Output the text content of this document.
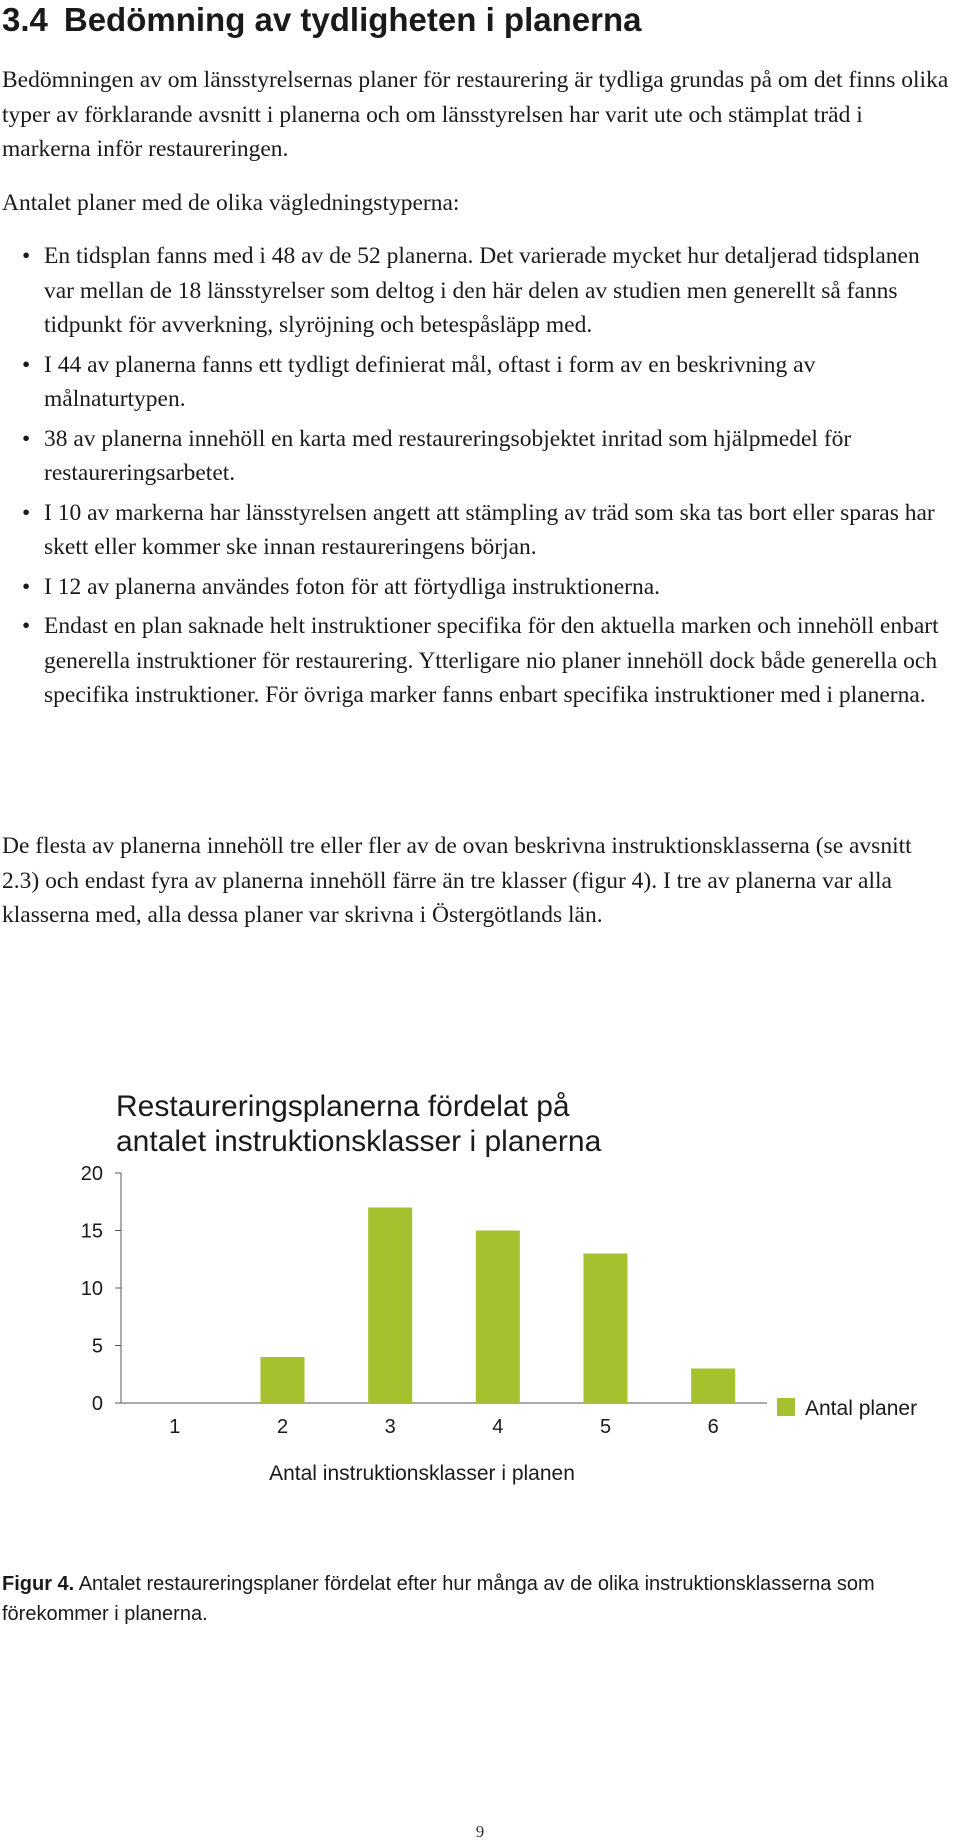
3.4 Bedömning av tydligheten i planerna

Bedömningen av om länsstyrelsernas planer för restaurering är tydliga grundas på om det finns olika typer av förklarande avsnitt i planerna och om länsstyrelsen har varit ute och stämplat träd i markerna inför restaureringen.

Antalet planer med de olika vägledningstyperna:

• En tidsplan fanns med i 48 av de 52 planerna. Det varierade mycket hur detaljerad tidsplanen var mellan de 18 länsstyrelser som deltog i den här delen av studien men generellt så fanns tidpunkt för avverkning, slyröjning och betespåsläpp med.
• I 44 av planerna fanns ett tydligt definierat mål, oftast i form av en beskrivning av målnaturtypen.
• 38 av planerna innehöll en karta med restaureringsobjektet inritad som hjälpmedel för restaureringsarbetet.
• I 10 av markerna har länsstyrelsen angett att stämpling av träd som ska tas bort eller sparas har skett eller kommer ske innan restaureringens början.
• I 12 av planerna användes foton för att förtydliga instruktionerna.
• Endast en plan saknade helt instruktioner specifika för den aktuella marken och innehöll enbart generella instruktioner för restaurering. Ytterligare nio planer innehöll dock både generella och specifika instruktioner. För övriga marker fanns enbart specifika instruktioner med i planerna.

De flesta av planerna innehöll tre eller fler av de ovan beskrivna instruktionsklasserna (se avsnitt 2.3) och endast fyra av planerna innehöll färre än tre klasser (figur 4). I tre av planerna var alla klasserna med, alla dessa planer var skrivna i Östergötlands län.

Restaureringsplanerna fördelat på
antalet instruktionsklasser i planerna
0
5
10
15
20
1	2	3	4	5	6
Antal planer
Antal instruktionsklasser i planen

Figur 4. Antalet restaureringsplaner fördelat efter hur många av de olika instruktionsklasserna som förekommer i planerna.

9
